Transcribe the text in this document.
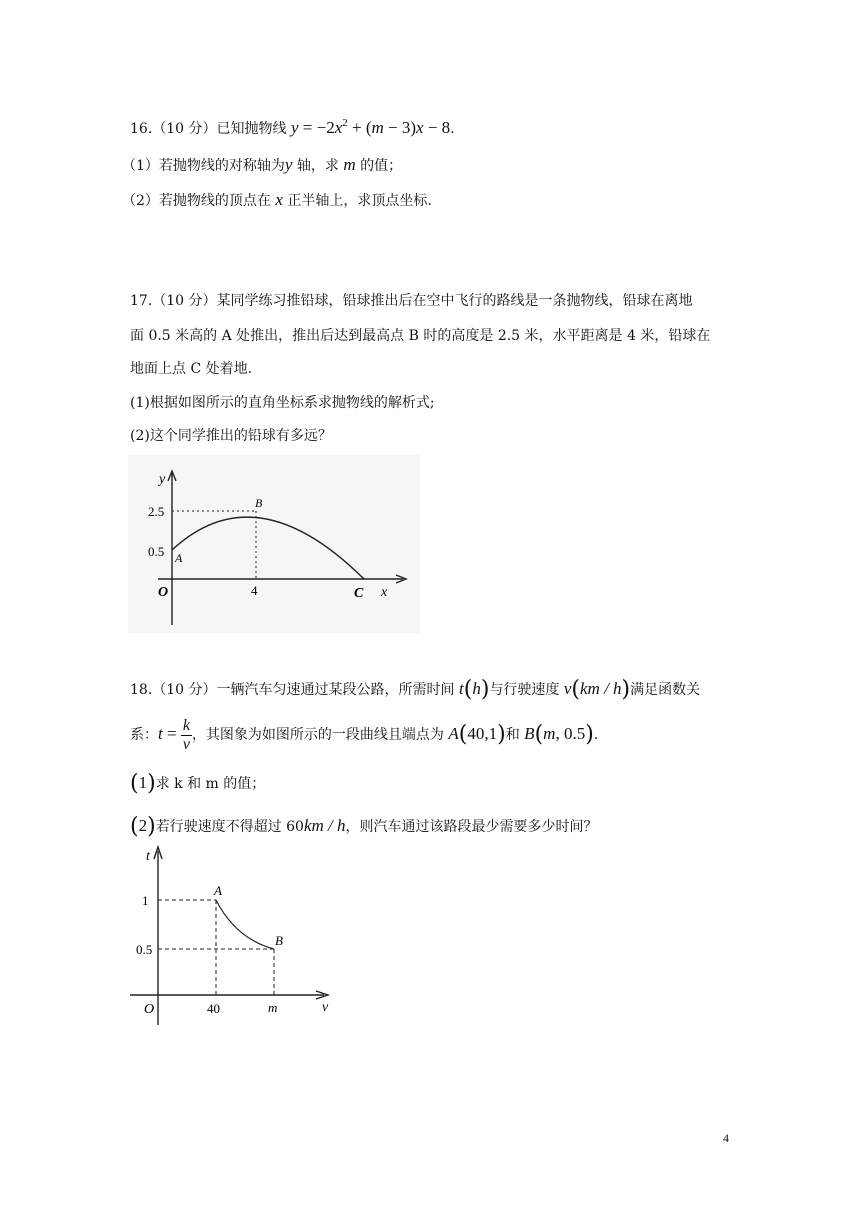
16.（10 分）已知抛物线 $y = -2x^2 + (m - 3)x - 8$.
（1）若抛物线的对称轴为y 轴，求 m 的值；
（2）若抛物线的顶点在 x 正半轴上，求顶点坐标.
17.（10 分）某同学练习推铅球，铅球推出后在空中飞行的路线是一条抛物线，铅球在离地
面 0.5 米高的 A 处推出，推出后达到最高点 B 时的高度是 2.5 米，水平距离是 4 米，铅球在
地面上点 C 处着地.
(1)根据如图所示的直角坐标系求抛物线的解析式;
(2)这个同学推出的铅球有多远？
y
2.5
0.5 A
B
O	4	C x
18.（10 分）一辆汽车匀速通过某段公路，所需时间 t(h)与行驶速度 v(km / h)满足函数关
系：$t = \frac{k}{v}$ ，其图象为如图所示的一段曲线且端点为 A(40,1)和 B(m, 0.5).
(1)求 k 和 m 的值；
(2)若行驶速度不得超过 60km / h，则汽车通过该路段最少需要多少时间？
t
1
0.5
A
B
O	40	m	v
4
